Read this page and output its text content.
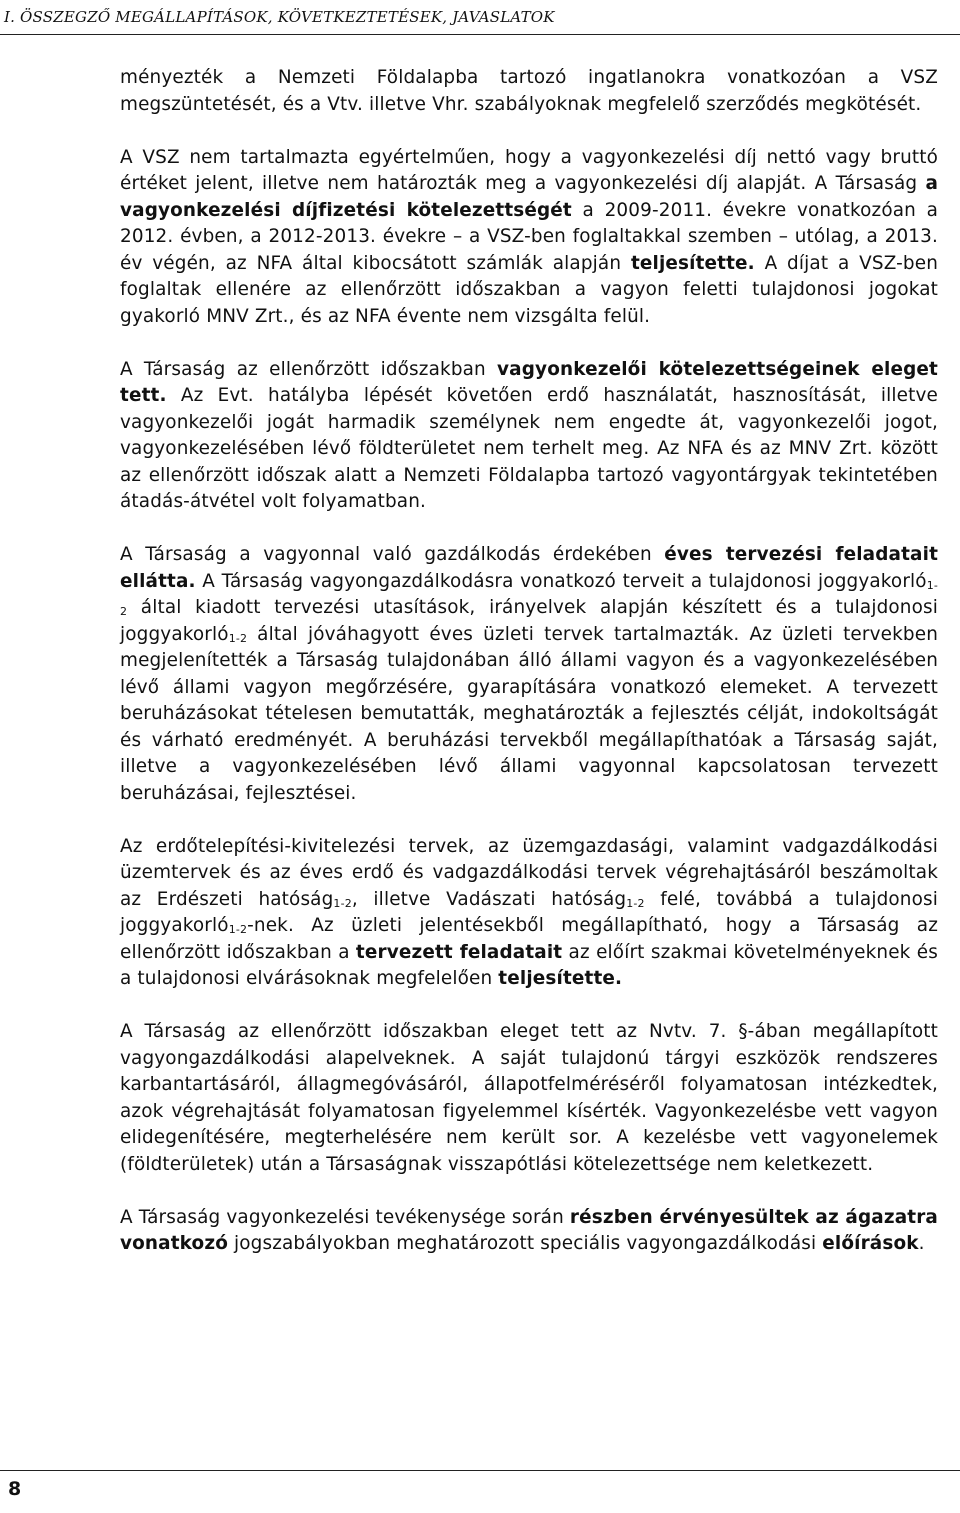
I. ÖSSZEGZŐ MEGÁLLAPÍTÁSOK, KÖVETKEZTETÉSEK, JAVASLATOK

ményezték a Nemzeti Földalapba tartozó ingatlanokra vonatkozóan a VSZ megszüntetését, és a Vtv. illetve Vhr. szabályoknak megfelelő szerződés megkötését.

A VSZ nem tartalmazta egyértelműen, hogy a vagyonkezelési díj nettó vagy bruttó értéket jelent, illetve nem határozták meg a vagyonkezelési díj alapját. A Társaság a vagyonkezelési díjfizetési kötelezettségét a 2009-2011. évekre vonatkozóan a 2012. évben, a 2012-2013. évekre – a VSZ-ben foglaltakkal szemben – utólag, a 2013. év végén, az NFA által kibocsátott számlák alapján teljesítette. A díjat a VSZ-ben foglaltak ellenére az ellenőrzött időszakban a vagyon feletti tulajdonosi jogokat gyakorló MNV Zrt., és az NFA évente nem vizsgálta felül.

A Társaság az ellenőrzött időszakban vagyonkezelői kötelezettségeinek eleget tett. Az Evt. hatályba lépését követően erdő használatát, hasznosítását, illetve vagyonkezelői jogát harmadik személynek nem engedte át, vagyonkezelői jogot, vagyonkezelésében lévő földterületet nem terhelt meg. Az NFA és az MNV Zrt. között az ellenőrzött időszak alatt a Nemzeti Földalapba tartozó vagyontárgyak tekintetében átadás-átvétel volt folyamatban.

A Társaság a vagyonnal való gazdálkodás érdekében éves tervezési feladatait ellátta. A Társaság vagyongazdálkodásra vonatkozó terveit a tulajdonosi joggyakorló$_{1-2}$ által kiadott tervezési utasítások, irányelvek alapján készített és a tulajdonosi joggyakorló$_{1-2}$ által jóváhagyott éves üzleti tervek tartalmazták. Az üzleti tervekben megjelenítették a Társaság tulajdonában álló állami vagyon és a vagyonkezelésében lévő állami vagyon megőrzésére, gyarapítására vonatkozó elemeket. A tervezett beruházásokat tételesen bemutatták, meghatározták a fejlesztés célját, indokoltságát és várható eredményét. A beruházási tervekből megállapíthatóak a Társaság saját, illetve a vagyonkezelésében lévő állami vagyonnal kapcsolatosan tervezett beruházásai, fejlesztései.

Az erdőtelepítési-kivitelezési tervek, az üzemgazdasági, valamint vadgazdálkodási üzemtervek és az éves erdő és vadgazdálkodási tervek végrehajtásáról beszámoltak az Erdészeti hatóság$_{1-2}$, illetve Vadászati hatóság$_{1-2}$ felé, továbbá a tulajdonosi joggyakorló$_{1-2}$-nek. Az üzleti jelentésekből megállapítható, hogy a Társaság az ellenőrzött időszakban a tervezett feladatait az előírt szakmai követelményeknek és a tulajdonosi elvárásoknak megfelelően teljesítette.

A Társaság az ellenőrzött időszakban eleget tett az Nvtv. 7. §-ában megállapított vagyongazdálkodási alapelveknek. A saját tulajdonú tárgyi eszközök rendszeres karbantartásáról, állagmegóvásáról, állapotfelméréséről folyamatosan intézkedtek, azok végrehajtását folyamatosan figyelemmel kísérték. Vagyonkezelésbe vett vagyon elidegenítésére, megterhelésére nem került sor. A kezelésbe vett vagyonelemek (földterületek) után a Társaságnak visszapótlási kötelezettsége nem keletkezett.

A Társaság vagyonkezelési tevékenysége során részben érvényesültek az ágazatra vonatkozó jogszabályokban meghatározott speciális vagyongazdálkodási előírások.

8
